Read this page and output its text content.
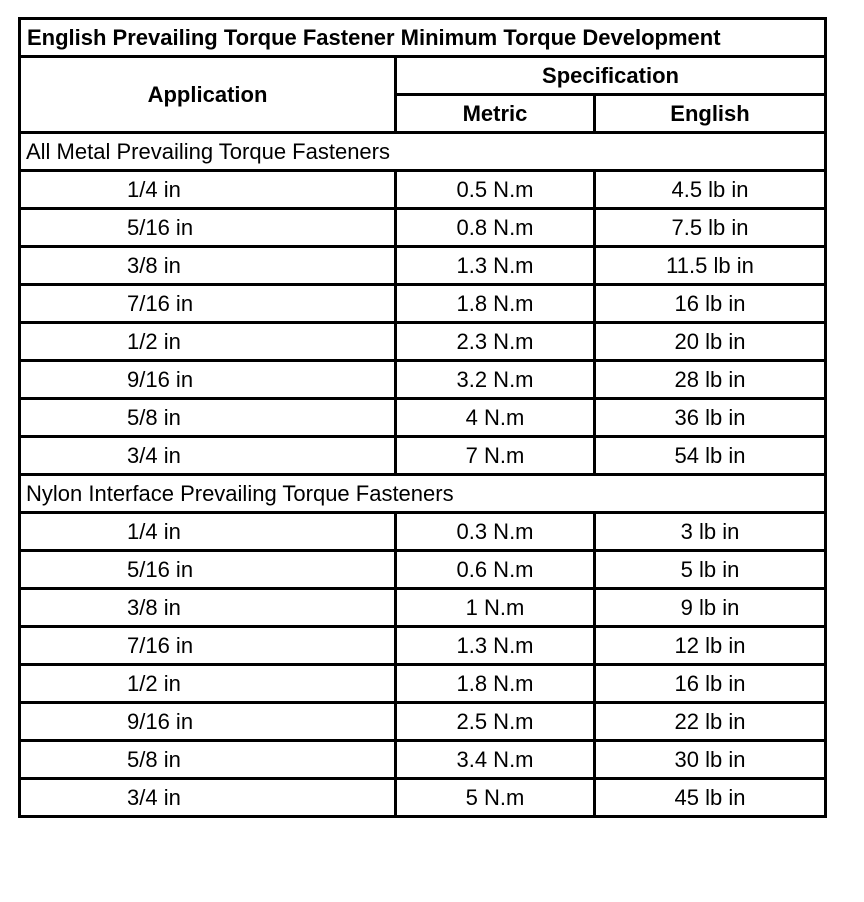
English Prevailing Torque Fastener Minimum Torque Development		
Application	Specification	
	Metric	English
All Metal Prevailing Torque Fasteners		
1/4 in	0.5 N.m	4.5 lb in
5/16 in	0.8 N.m	7.5 lb in
3/8 in	1.3 N.m	11.5 lb in
7/16 in	1.8 N.m	16 lb in
1/2 in	2.3 N.m	20 lb in
9/16 in	3.2 N.m	28 lb in
5/8 in	4 N.m	36 lb in
3/4 in	7 N.m	54 lb in
Nylon Interface Prevailing Torque Fasteners		
1/4 in	0.3 N.m	3 lb in
5/16 in	0.6 N.m	5 lb in
3/8 in	1 N.m	9 lb in
7/16 in	1.3 N.m	12 lb in
1/2 in	1.8 N.m	16 lb in
9/16 in	2.5 N.m	22 lb in
5/8 in	3.4 N.m	30 lb in
3/4 in	5 N.m	45 lb in
